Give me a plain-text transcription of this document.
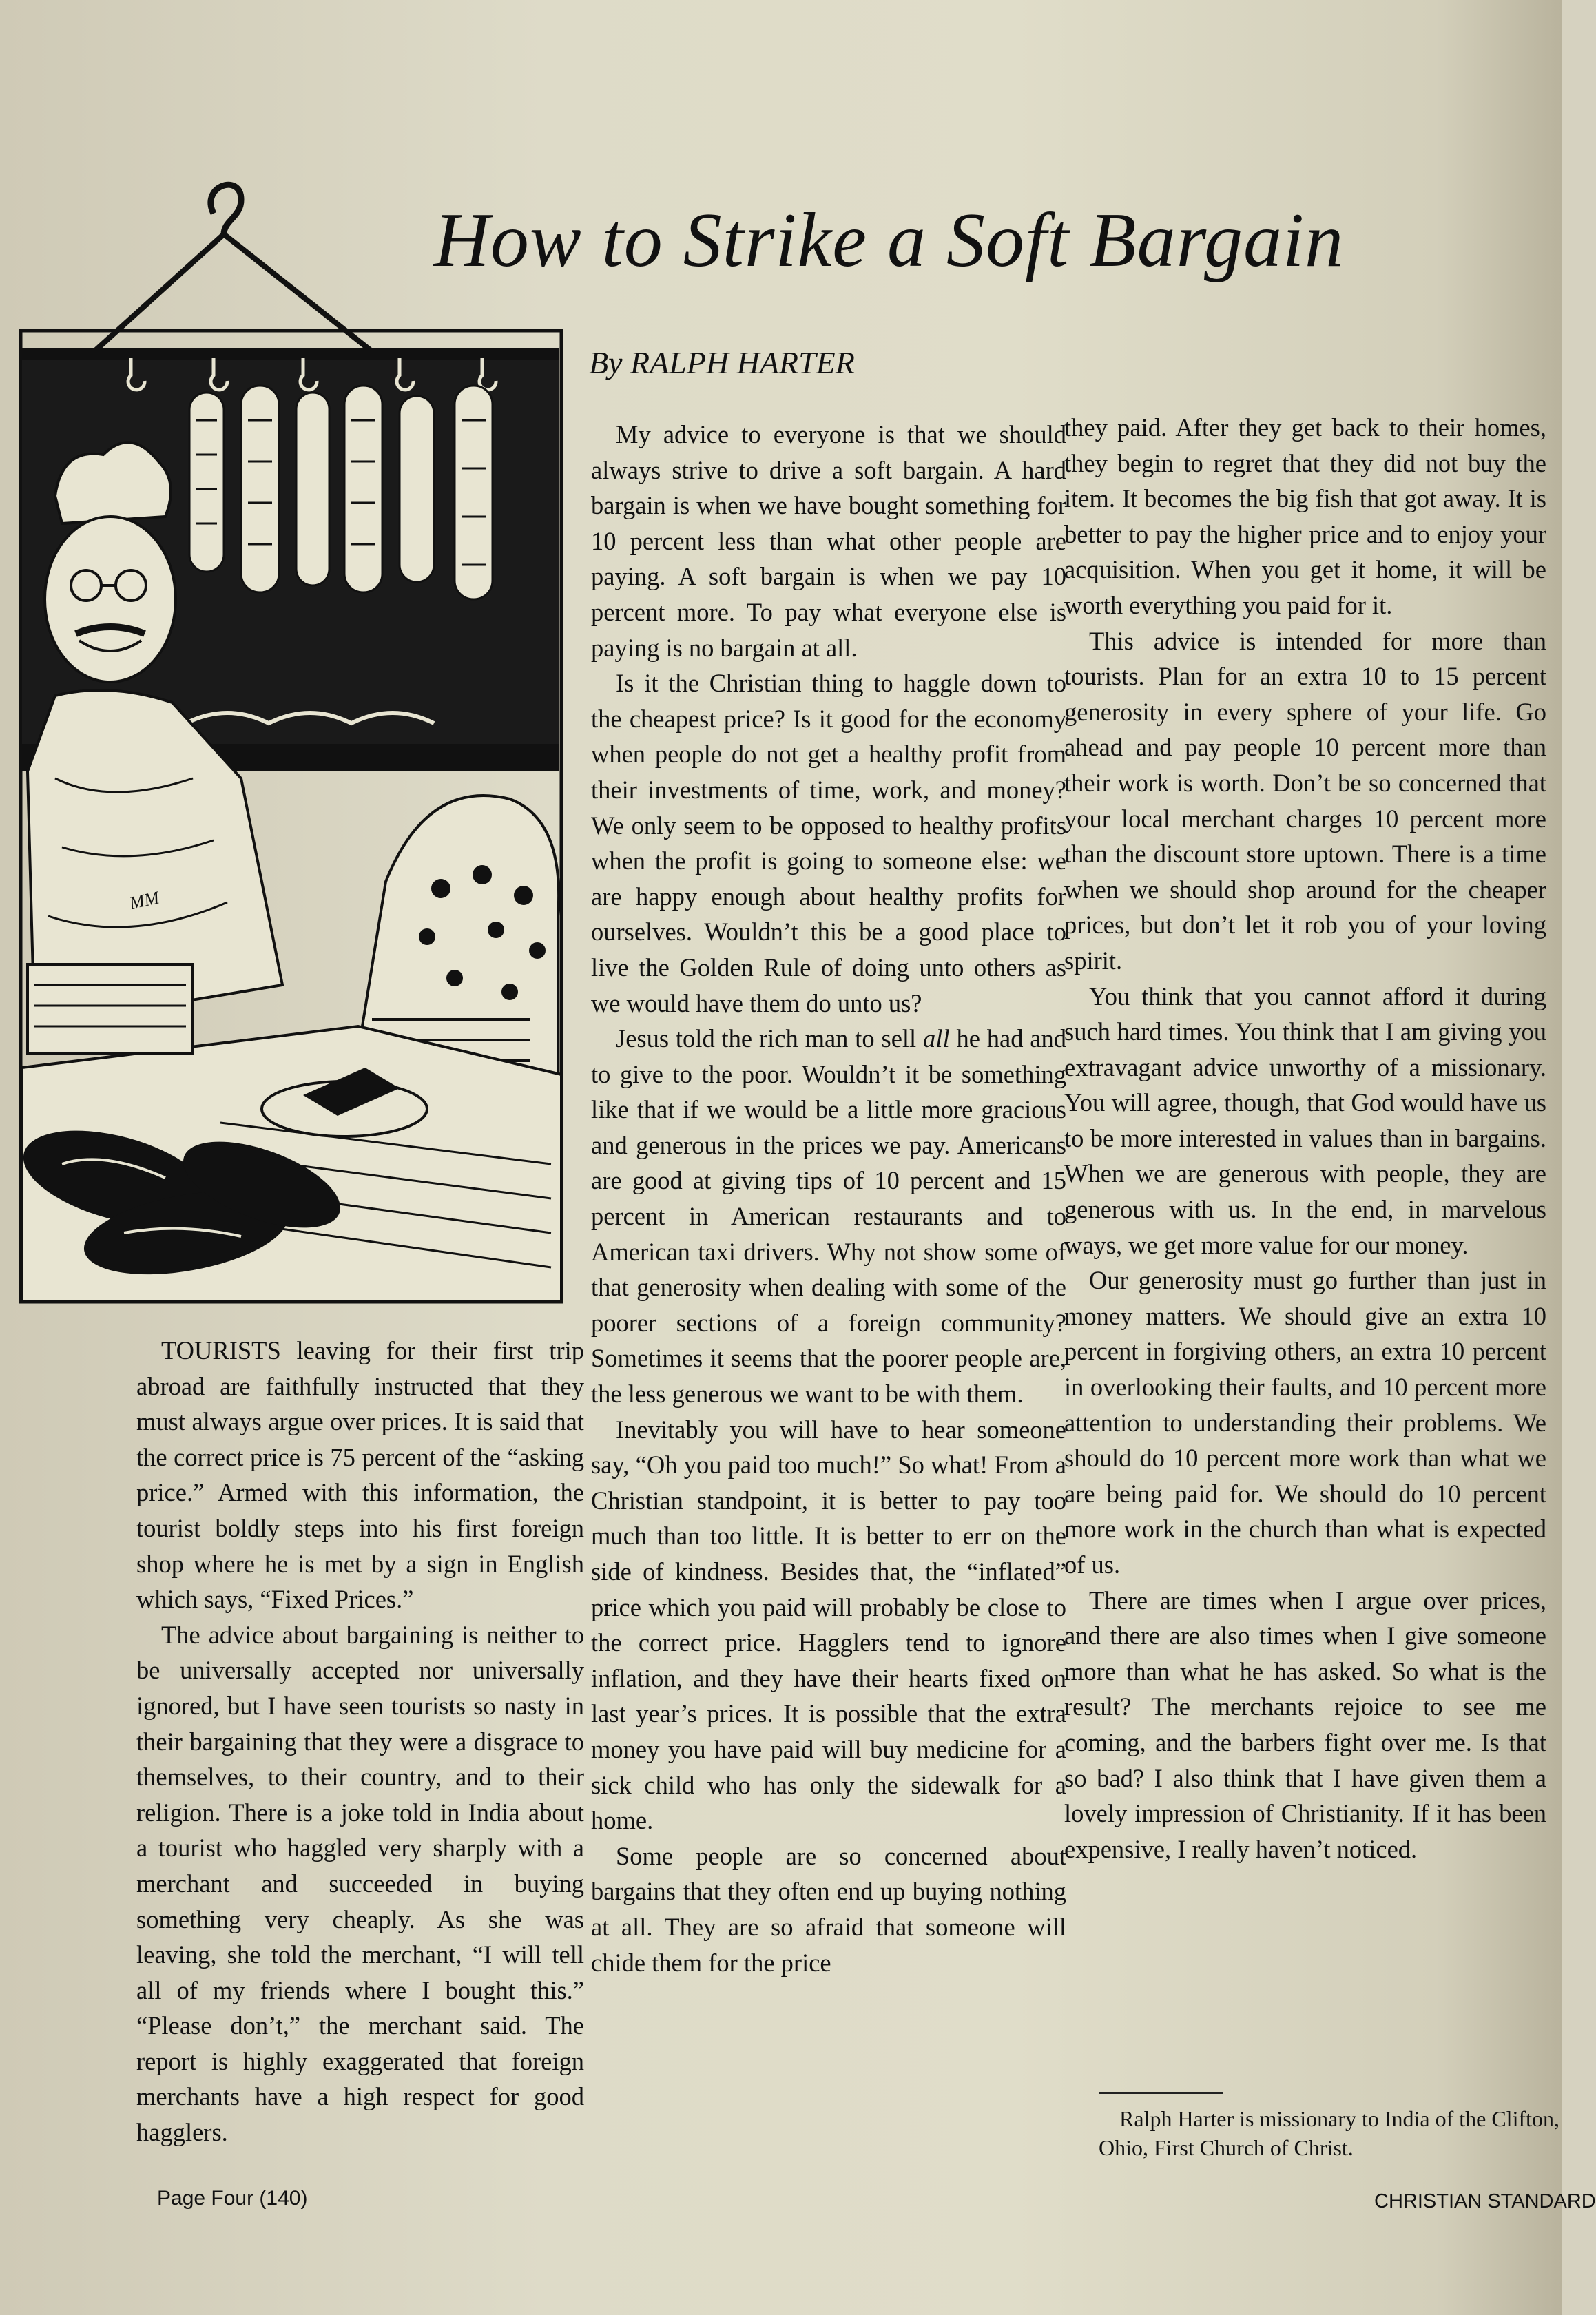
How to Strike a Soft Bargain
By RALPH HARTER
MM

TOURISTS leaving for their first trip abroad are faithfully instructed that they must always argue over prices. It is said that the correct price is 75 percent of the “asking price.” Armed with this information, the tourist boldly steps into his first foreign shop where he is met by a sign in English which says, “Fixed Prices.”

The advice about bargaining is neither to be universally accepted nor universally ignored, but I have seen tourists so nasty in their bargaining that they were a disgrace to themselves, to their country, and to their religion. There is a joke told in India about a tourist who haggled very sharply with a merchant and succeeded in buying something very cheaply. As she was leaving, she told the merchant, “I will tell all of my friends where I bought this.” “Please don’t,” the merchant said. The report is highly exaggerated that foreign merchants have a high respect for good hagglers.

My advice to everyone is that we should always strive to drive a soft bargain. A hard bargain is when we have bought something for 10 percent less than what other people are paying. A soft bargain is when we pay 10 percent more. To pay what everyone else is paying is no bargain at all.

Is it the Christian thing to haggle down to the cheapest price? Is it good for the economy when people do not get a healthy profit from their investments of time, work, and money? We only seem to be opposed to healthy profits when the profit is going to someone else: we are happy enough about healthy profits for ourselves. Wouldn’t this be a good place to live the Golden Rule of doing unto others as we would have them do unto us?

Jesus told the rich man to sell all he had and to give to the poor. Wouldn’t it be something like that if we would be a little more gracious and generous in the prices we pay. Americans are good at giving tips of 10 percent and 15 percent in American restaurants and to American taxi drivers. Why not show some of that generosity when dealing with some of the poorer sections of a foreign community? Sometimes it seems that the poorer people are, the less generous we want to be with them.

Inevitably you will have to hear someone say, “Oh you paid too much!” So what! From a Christian standpoint, it is better to pay too much than too little. It is better to err on the side of kindness. Besides that, the “inflated” price which you paid will probably be close to the correct price. Hagglers tend to ignore inflation, and they have their hearts fixed on last year’s prices. It is possible that the extra money you have paid will buy medicine for a sick child who has only the sidewalk for a home.

Some people are so concerned about bargains that they often end up buying nothing at all. They are so afraid that someone will chide them for the price

they paid. After they get back to their homes, they begin to regret that they did not buy the item. It becomes the big fish that got away. It is better to pay the higher price and to enjoy your acquisition. When you get it home, it will be worth everything you paid for it.

This advice is intended for more than tourists. Plan for an extra 10 to 15 percent generosity in every sphere of your life. Go ahead and pay people 10 percent more than their work is worth. Don’t be so concerned that your local merchant charges 10 percent more than the discount store uptown. There is a time when we should shop around for the cheaper prices, but don’t let it rob you of your loving spirit.

You think that you cannot afford it during such hard times. You think that I am giving you extravagant advice unworthy of a missionary. You will agree, though, that God would have us to be more interested in values than in bargains. When we are generous with people, they are generous with us. In the end, in marvelous ways, we get more value for our money.

Our generosity must go further than just in money matters. We should give an extra 10 percent in forgiving others, an extra 10 percent in overlooking their faults, and 10 percent more attention to understanding their problems. We should do 10 percent more work than what we are being paid for. We should do 10 percent more work in the church than what is expected of us.

There are times when I argue over prices, and there are also times when I give someone more than what he has asked. So what is the result? The merchants rejoice to see me coming, and the barbers fight over me. Is that so bad? I also think that I have given them a lovely impression of Christianity. If it has been expensive, I really haven’t noticed.

Ralph Harter is missionary to India of the Clifton, Ohio, First Church of Christ.

Page Four (140)	CHRISTIAN STANDARD
